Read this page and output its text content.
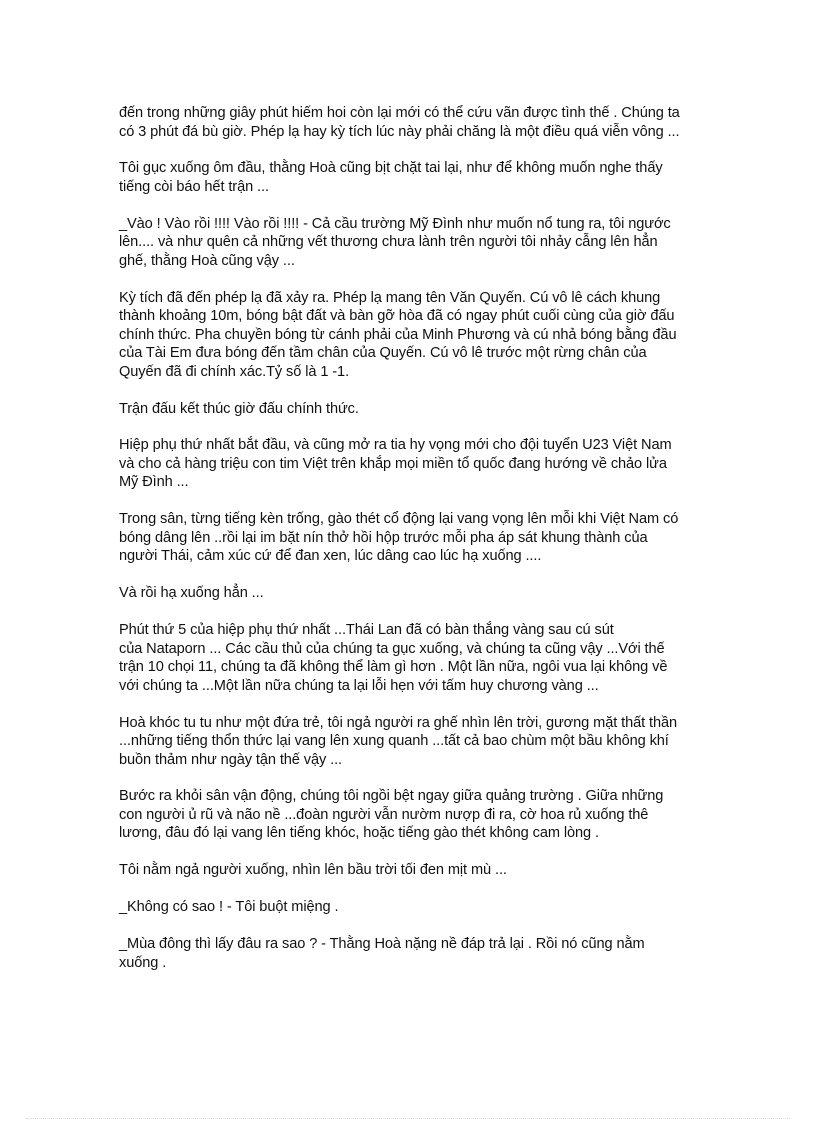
đến trong những giây phút hiếm hoi còn lại mới có thể cứu vãn được tình thế . Chúng ta
có 3 phút đá bù giờ. Phép lạ hay kỳ tích lúc này phải chăng là một điều quá viễn vông ...

Tôi gục xuống ôm đầu, thằng Hoà cũng bịt chặt tai lại, như để không muốn nghe thấy
tiếng còi báo hết trận ...

_Vào ! Vào rồi !!!! Vào rồi !!!! - Cả cầu trường Mỹ Đình như muốn nổ tung ra, tôi ngước
lên.... và như quên cả những vết thương chưa lành trên người tôi nhảy cẫng lên hẳn
ghế, thằng Hoà cũng vậy ...

Kỳ tích đã đến phép lạ đã xảy ra. Phép lạ mang tên Văn Quyến. Cú vô lê cách khung
thành khoảng 10m, bóng bật đất và bàn gỡ hòa đã có ngay phút cuối cùng của giờ đấu
chính thức. Pha chuyền bóng từ cánh phải của Minh Phương và cú nhả bóng bằng đầu
của Tài Em đưa bóng đến tầm chân của Quyến. Cú vô lê trước một rừng chân của
Quyến đã đi chính xác.Tỷ số là 1 -1.

Trận đấu kết thúc giờ đấu chính thức.

Hiệp phụ thứ nhất bắt đầu, và cũng mở ra tia hy vọng mới cho đội tuyển U23 Việt Nam
và cho cả hàng triệu con tim Việt trên khắp mọi miền tổ quốc đang hướng về chảo lửa
Mỹ Đình ...

Trong sân, từng tiếng kèn trống, gào thét cổ động lại vang vọng lên mỗi khi Việt Nam có
bóng dâng lên ..rồi lại im bặt nín thở hồi hộp trước mỗi pha áp sát khung thành của
người Thái, cảm xúc cứ để đan xen, lúc dâng cao lúc hạ xuống ....

Và rồi hạ xuống hẳn ...

Phút thứ 5 của hiệp phụ thứ nhất ...Thái Lan đã có bàn thắng vàng sau cú sút
của Nataporn ... Các cầu thủ của chúng ta gục xuống, và chúng ta cũng vậy ...Với thế
trận 10 chọi 11, chúng ta đã không thể làm gì hơn . Một lần nữa, ngôi vua lại không về
với chúng ta ...Một lần nữa chúng ta lại lỗi hẹn với tấm huy chương vàng ...

Hoà khóc tu tu như một đứa trẻ, tôi ngả người ra ghế nhìn lên trời, gương mặt thất thần
...những tiếng thổn thức lại vang lên xung quanh ...tất cả bao chùm một bầu không khí
buồn thảm như ngày tận thế vậy ...

Bước ra khỏi sân vận động, chúng tôi ngồi bệt ngay giữa quảng trường . Giữa những
con người ủ rũ và não nề ...đoàn người vẫn nườm nượp đi ra, cờ hoa rủ xuống thê
lương, đâu đó lại vang lên tiếng khóc, hoặc tiếng gào thét không cam lòng .

Tôi nằm ngả người xuống, nhìn lên bầu trời tối đen mịt mù ...

_Không có sao ! - Tôi buột miệng .

_Mùa đông thì lấy đâu ra sao ? - Thằng Hoà nặng nề đáp trả lại . Rồi nó cũng nằm
xuống .
